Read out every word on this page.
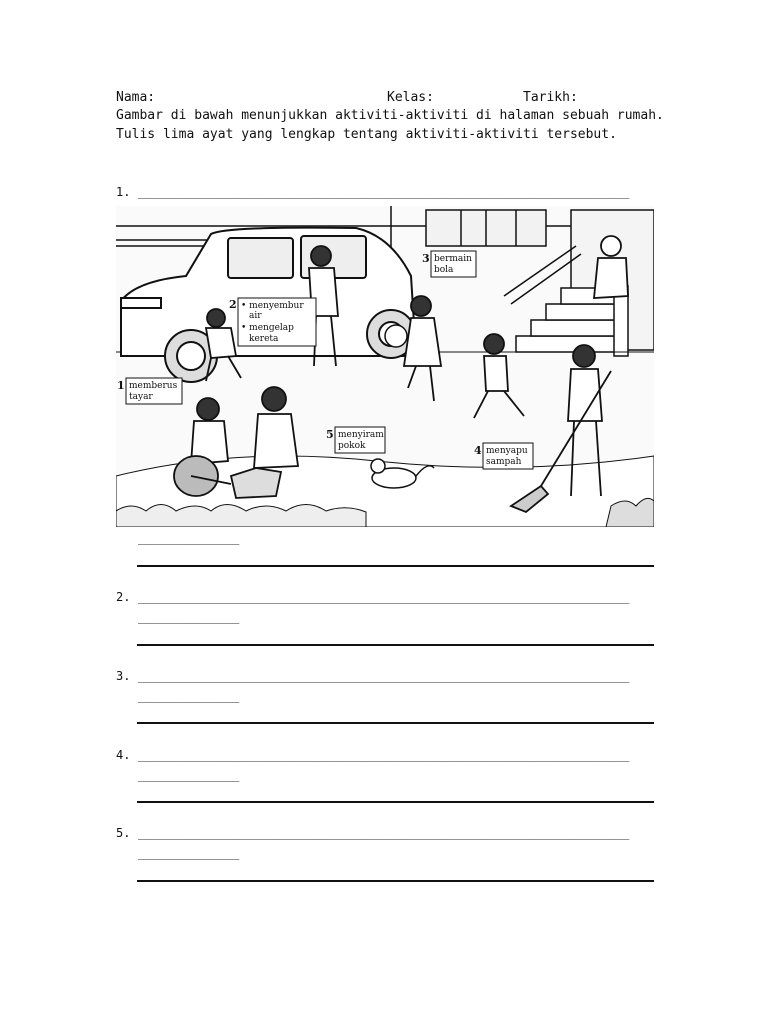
Nama:	Kelas:	Tarikh:
Gambar di bawah menunjukkan aktiviti-aktiviti di halaman sebuah rumah.
Tulis lima ayat yang lengkap tentang aktiviti-aktiviti tersebut.
1. _________________________________________________________________________
1 memberus
tayar
2 • menyembur
air
• mengelap
kereta
3 bermain
bola
4 menyapu
sampah
5 menyiram
pokok
_______________
2. _________________________________________________________________________
_______________
3. _________________________________________________________________________
_______________
4. _________________________________________________________________________
_______________
5. _________________________________________________________________________
_______________
